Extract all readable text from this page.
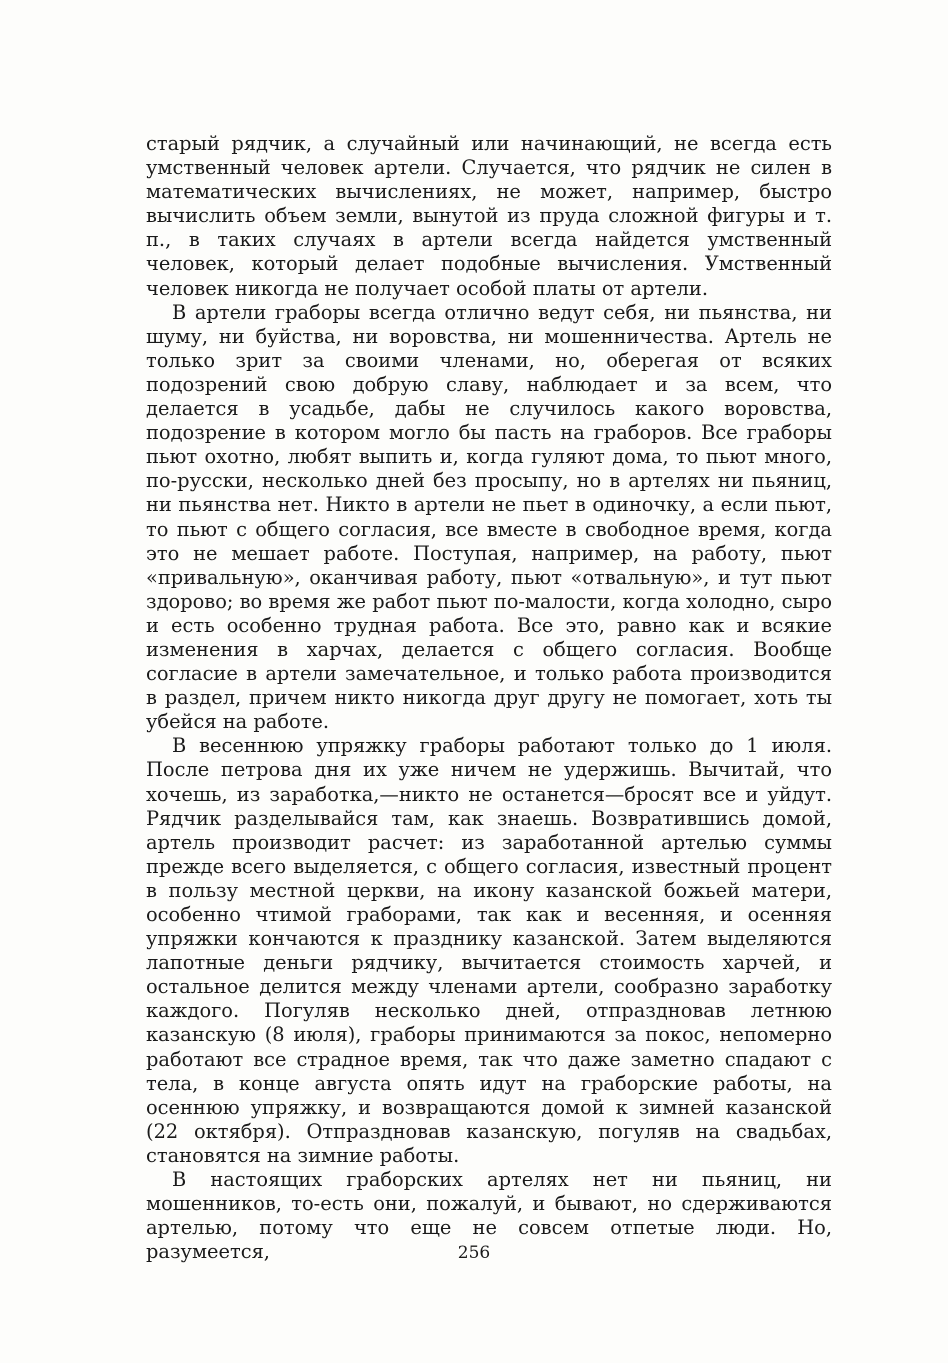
старый рядчик, а случайный или начинающий, не всегда есть умственный человек артели. Случается, что рядчик не силен в математических вычислениях, не может, например, быстро вычислить объем земли, вынутой из пруда сложной фигуры и т. п., в таких случаях в артели всегда найдется умственный человек, который делает подобные вычисления. Умственный человек никогда не получает особой платы от артели.

В артели граборы всегда отлично ведут себя, ни пьянства, ни шуму, ни буйства, ни воровства, ни мошенничества. Артель не только зрит за своими членами, но, оберегая от всяких подозрений свою добрую славу, наблюдает и за всем, что делается в усадьбе, дабы не случилось какого воровства, подозрение в котором могло бы пасть на граборов. Все граборы пьют охотно, любят выпить и, когда гуляют дома, то пьют много, по-русски, несколько дней без просыпу, но в артелях ни пьяниц, ни пьянства нет. Никто в артели не пьет в одиночку, а если пьют, то пьют с общего согласия, все вместе в свободное время, когда это не мешает работе. Поступая, например, на работу, пьют «привальную», оканчивая работу, пьют «отвальную», и тут пьют здорово; во время же работ пьют по-малости, когда холодно, сыро и есть особенно трудная работа. Все это, равно как и всякие изменения в харчах, делается с общего согласия. Вообще согласие в артели замечательное, и только работа производится в раздел, причем никто никогда друг другу не помогает, хоть ты убейся на работе.

В весеннюю упряжку граборы работают только до 1 июля. После петрова дня их уже ничем не удержишь. Вычитай, что хочешь, из заработка,—никто не останется—бросят все и уйдут. Рядчик разделывайся там, как знаешь. Возвратившись домой, артель производит расчет: из заработанной артелью суммы прежде всего выделяется, с общего согласия, известный процент в пользу местной церкви, на икону казанской божьей матери, особенно чтимой граборами, так как и весенняя, и осенняя упряжки кончаются к празднику казанской. Затем выделяются лапотные деньги рядчику, вычитается стоимость харчей, и остальное делится между членами артели, сообразно заработку каждого. Погуляв несколько дней, отпраздновав летнюю казанскую (8 июля), граборы принимаются за покос, непомерно работают все страдное время, так что даже заметно спадают с тела, в конце августа опять идут на граборские работы, на осеннюю упряжку, и возвращаются домой к зимней казанской (22 октября). Отпраздновав казанскую, погуляв на свадьбах, становятся на зимние работы.

В настоящих граборских артелях нет ни пьяниц, ни мошенников, то-есть они, пожалуй, и бывают, но сдерживаются артелью, потому что еще не совсем отпетые люди. Но, разумеется,	256
